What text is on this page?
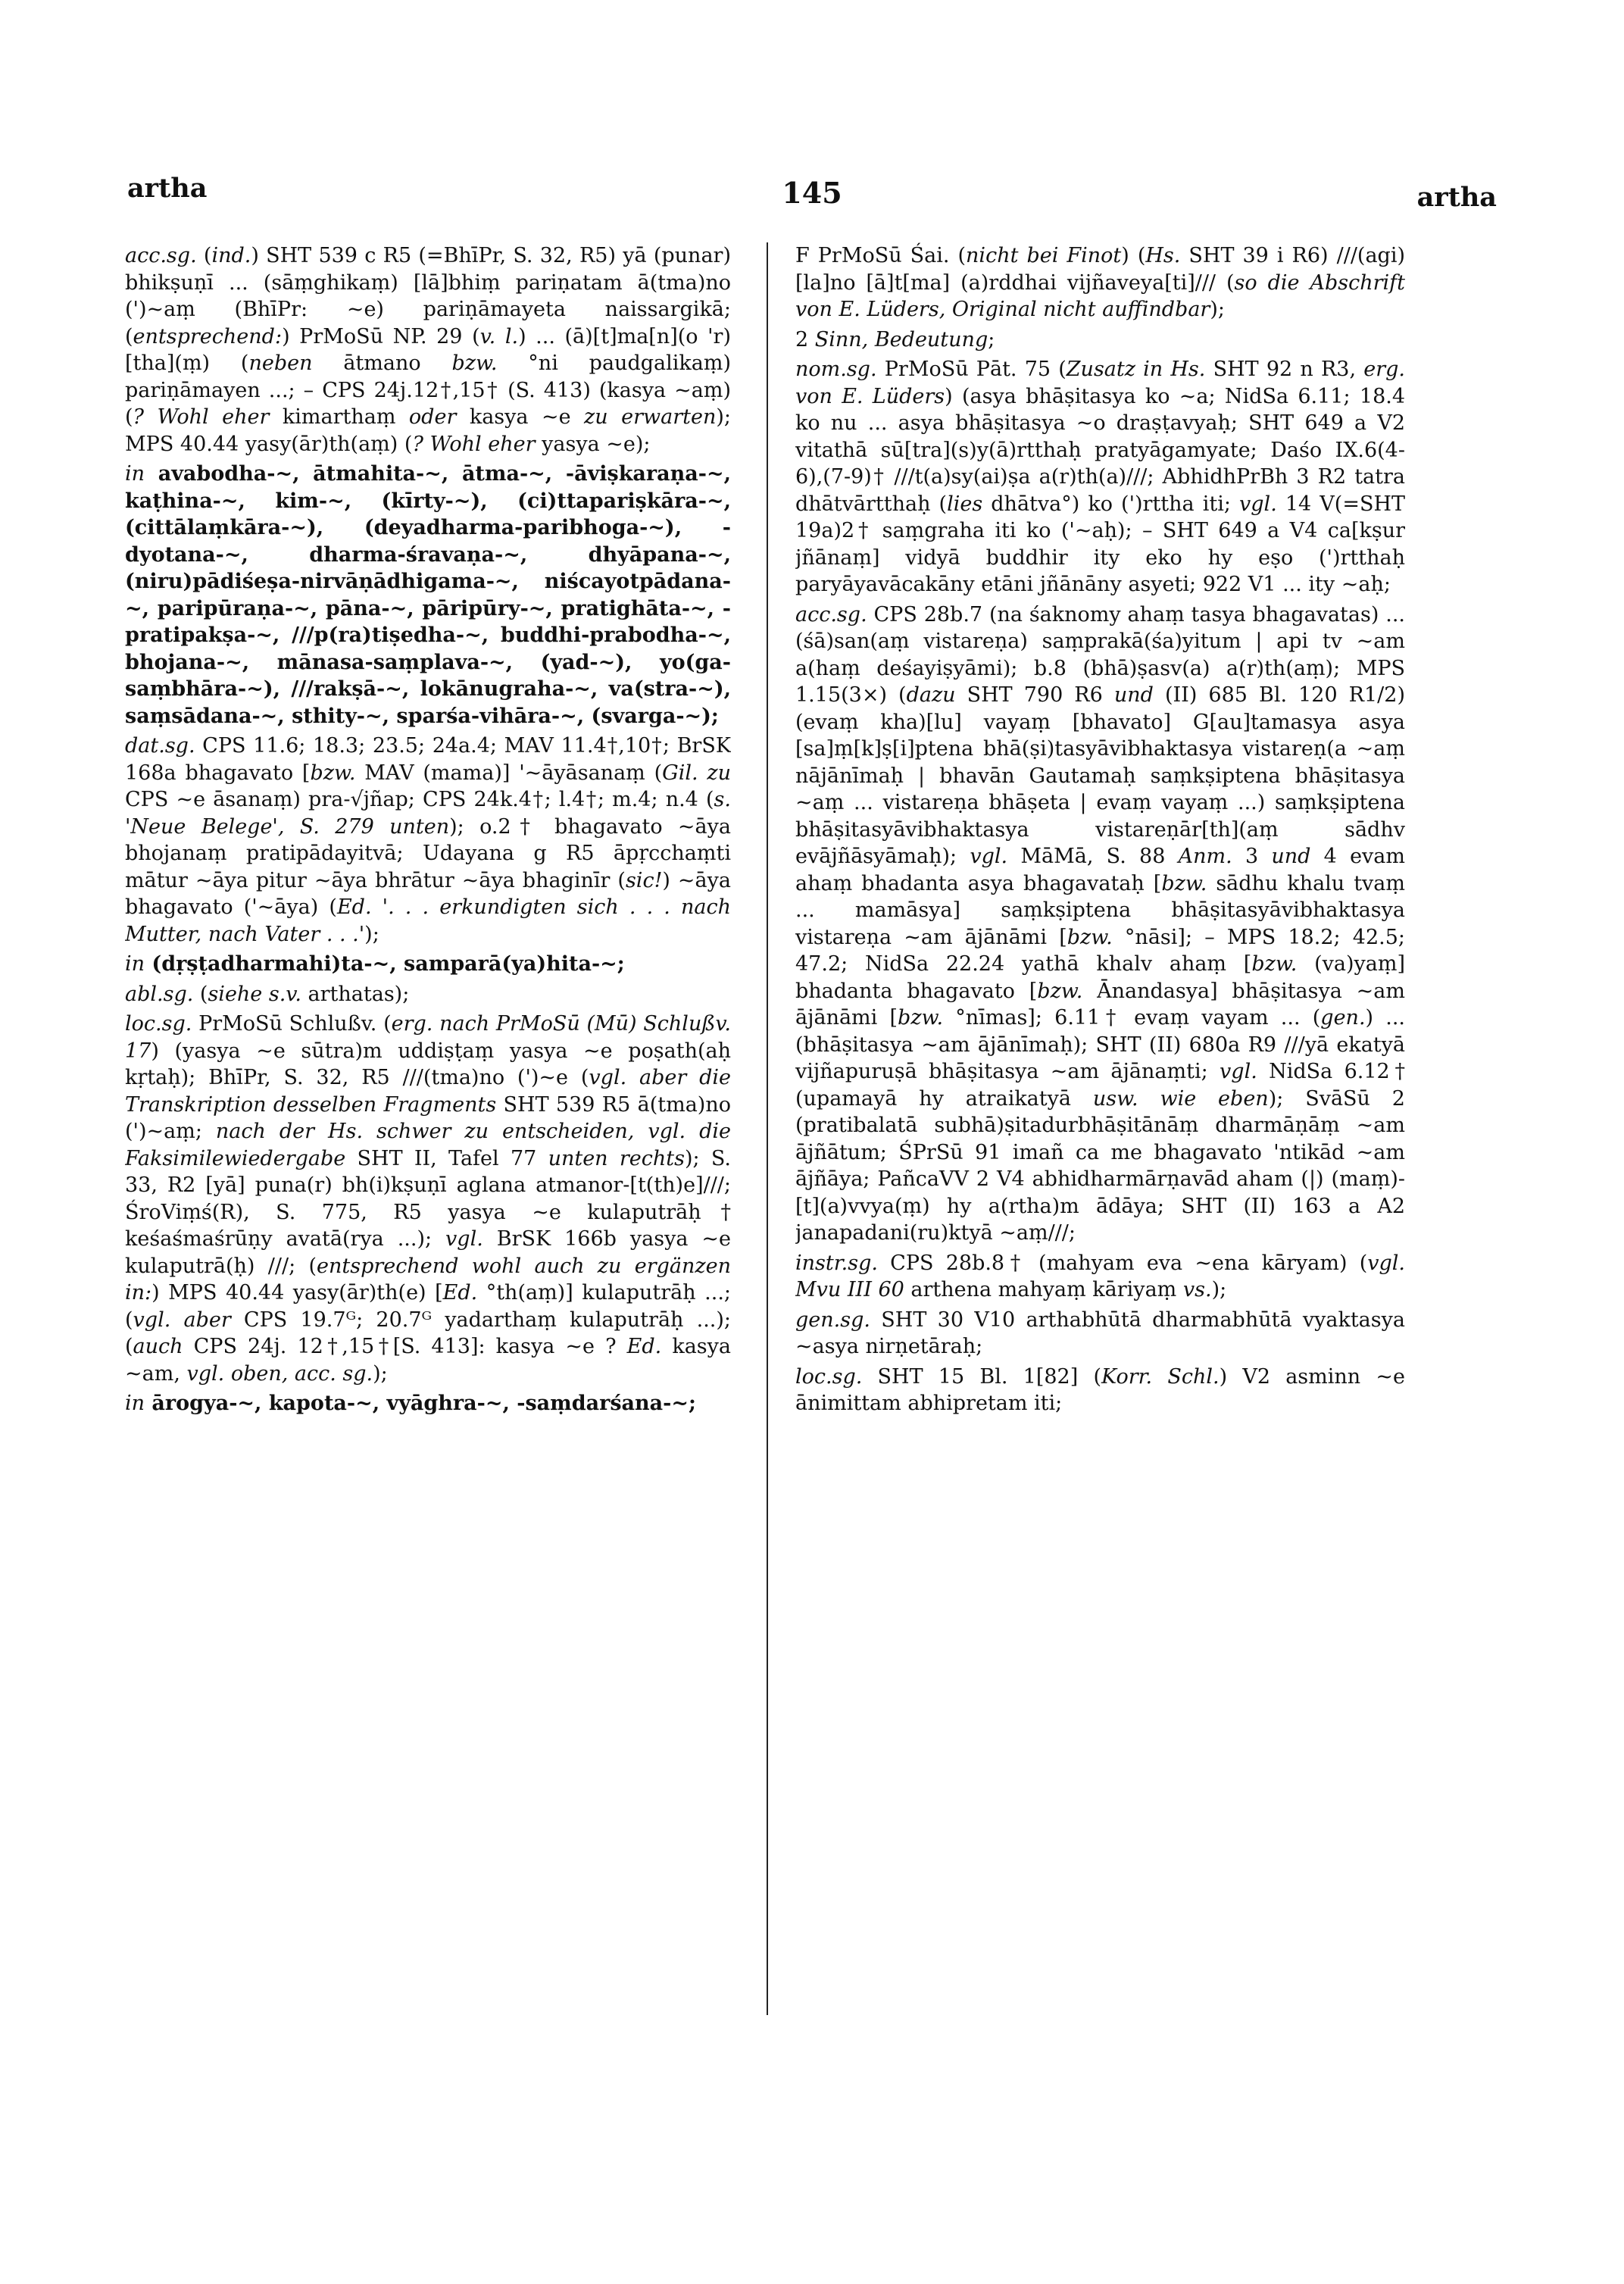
artha	145	artha

acc.sg. (ind.) SHT 539 c R5 (=BhīPr, S. 32, R5) yā (punar) bhikṣuṇī ... (sāṃghikaṃ) [lā]bhiṃ pariṇatam ā(tma)no (')~aṃ (BhīPr: ~e) pariṇāmayeta naissargikā; (entsprechend:) PrMoSū NP. 29 (v. l.) ... (ā)[t]ma[n](o 'r)[tha](ṃ) (neben ātmano bzw. °ni paudgalikaṃ) pariṇāmayen ...; – CPS 24j.12†,15† (S. 413) (kasya ~aṃ) (? Wohl eher kimarthaṃ oder kasya ~e zu erwarten); MPS 40.44 yasy(ār)th(aṃ) (? Wohl eher yasya ~e);

in avabodha-~, ātmahita-~, ātma-~, -āviṣkaraṇa-~, kaṭhina-~, kim-~, (kīrty-~), (ci)ttapariṣkāra-~, (cittālaṃkāra-~), (deyadharma-paribhoga-~), -dyotana-~, dharma-śravaṇa-~, dhyāpana-~, (niru)pādiśeṣa-nirvāṇādhigama-~, niścayotpādana-~, paripūraṇa-~, pāna-~, pāripūry-~, pratighāta-~, -pratipakṣa-~, ///p(ra)tiṣedha-~, buddhi-prabodha-~, bhojana-~, mānasa-saṃplava-~, (yad-~), yo(ga-saṃbhāra-~), ///rakṣā-~, lokānugraha-~, va(stra-~), saṃsādana-~, sthity-~, sparśa-vihāra-~, (svarga-~);

dat.sg. CPS 11.6; 18.3; 23.5; 24a.4; MAV 11.4†,10†; BrSK 168a bhagavato [bzw. MAV (mama)] '~āyāsanaṃ (Gil. zu CPS ~e āsanaṃ) pra-√jñap; CPS 24k.4†; l.4†; m.4; n.4 (s. 'Neue Belege', S. 279 unten); o.2† bhagavato ~āya bhojanaṃ pratipādayitvā; Udayana g R5 āpṛcchaṃti mātur ~āya pitur ~āya bhrātur ~āya bhaginīr (sic!) ~āya bhagavato ('~āya) (Ed. '. . . erkundigten sich . . . nach Mutter, nach Vater . . .');

in (dṛṣṭadharmahi)ta-~, samparā(ya)hita-~;

abl.sg. (siehe s.v. arthatas);

loc.sg. PrMoSū Schlußv. (erg. nach PrMoSū (Mū) Schlußv. 17) (yasya ~e sūtra)m uddiṣṭaṃ yasya ~e poṣath(aḥ kṛtaḥ); BhīPr, S. 32, R5 ///(tma)no (')~e (vgl. aber die Transkription desselben Fragments SHT 539 R5 ā(tma)no (')~aṃ; nach der Hs. schwer zu entscheiden, vgl. die Faksimilewiedergabe SHT II, Tafel 77 unten rechts); S. 33, R2 [yā] puna(r) bh(i)kṣuṇī aglana atmanor-[t(th)e]///; ŚroViṃś(R), S. 775, R5 yasya ~e kulaputrāḥ† keśaśmaśrūṇy avatā(rya ...); vgl. BrSK 166b yasya ~e kulaputrā(ḥ) ///; (entsprechend wohl auch zu ergänzen in:) MPS 40.44 yasy(ār)th(e) [Ed. °th(aṃ)] kulaputrāḥ ...; (vgl. aber CPS 19.7ᴳ; 20.7ᴳ yadarthaṃ kulaputrāḥ ...); (auch CPS 24j. 12†,15†[S. 413]: kasya ~e ? Ed. kasya ~am, vgl. oben, acc. sg.);

in ārogya-~, kapota-~, vyāghra-~, -saṃdarśana-~;

F PrMoSū Śai. (nicht bei Finot) (Hs. SHT 39 i R6) ///(agi)[la]no [ā]t[ma] (a)rddhai vijñaveya[ti]/// (so die Abschrift von E. Lüders, Original nicht auffindbar);

2 Sinn, Bedeutung;

nom.sg. PrMoSū Pāt. 75 (Zusatz in Hs. SHT 92 n R3, erg. von E. Lüders) (asya bhāṣitasya ko ~a; NidSa 6.11; 18.4 ko nu ... asya bhāṣitasya ~o draṣṭavyaḥ; SHT 649 a V2 vitathā sū[tra](s)y(ā)rtthaḥ pratyāgamyate; Daśo IX.6(4-6),(7-9)† ///t(a)sy(ai)ṣa a(r)th(a)///; AbhidhPrBh 3 R2 tatra dhātvārtthaḥ (lies dhātva°) ko (')rttha iti; vgl. 14 V(=SHT 19a)2† saṃgraha iti ko ('~aḥ); – SHT 649 a V4 ca[kṣur jñānaṃ] vidyā buddhir ity eko hy eṣo (')rtthaḥ paryāyavācakāny etāni jñānāny asyeti; 922 V1 ... ity ~aḥ;

acc.sg. CPS 28b.7 (na śaknomy ahaṃ tasya bhagavatas) ... (śā)san(aṃ vistareṇa) saṃprakā(śa)yitum | api tv ~am a(haṃ deśayiṣyāmi); b.8 (bhā)ṣasv(a) a(r)th(aṃ); MPS 1.15(3×) (dazu SHT 790 R6 und (II) 685 Bl. 120 R1/2) (evaṃ kha)[lu] vayaṃ [bhavato] G[au]tamasya asya [sa]ṃ[k]ṣ[i]ptena bhā(ṣi)tasyāvibhaktasya vistareṇ(a ~aṃ nājānīmaḥ | bhavān Gautamaḥ saṃkṣiptena bhāṣitasya ~aṃ ... vistareṇa bhāṣeta | evaṃ vayaṃ ...) saṃkṣiptena bhāṣitasyāvibhaktasya vistareṇār[th](aṃ sādhv evājñāsyāmaḥ); vgl. MāMā, S. 88 Anm. 3 und 4 evam ahaṃ bhadanta asya bhagavataḥ [bzw. sādhu khalu tvaṃ ... mamāsya] saṃkṣiptena bhāṣitasyāvibhaktasya vistareṇa ~am ājānāmi [bzw. °nāsi]; – MPS 18.2; 42.5; 47.2; NidSa 22.24 yathā khalv ahaṃ [bzw. (va)yaṃ] bhadanta bhagavato [bzw. Ānandasya] bhāṣitasya ~am ājānāmi [bzw. °nīmas]; 6.11† evaṃ vayam ... (gen.) ... (bhāṣitasya ~am ājānīmaḥ); SHT (II) 680a R9 ///yā ekatyā vijñapuruṣā bhāṣitasya ~am ājānaṃti; vgl. NidSa 6.12† (upamayā hy atraikatyā usw. wie eben); SvāSū 2 (pratibalatā subhā)ṣitadurbhāṣitānāṃ dharmāṇāṃ ~am ājñātum; ŚPrSū 91 imañ ca me bhagavato 'ntikād ~am ājñāya; PañcaVV 2 V4 abhidharmārṇavād aham (|) (maṃ)-[t](a)vvya(ṃ) hy a(rtha)m ādāya; SHT (II) 163 a A2 janapadani(ru)ktyā ~aṃ///;

instr.sg. CPS 28b.8† (mahyam eva ~ena kāryam) (vgl. Mvu III 60 arthena mahyaṃ kāriyaṃ vs.);

gen.sg. SHT 30 V10 arthabhūtā dharmabhūtā vyaktasya ~asya nirṇetāraḥ;

loc.sg. SHT 15 Bl. 1[82] (Korr. Schl.) V2 asminn ~e ānimittam abhipretam iti;
